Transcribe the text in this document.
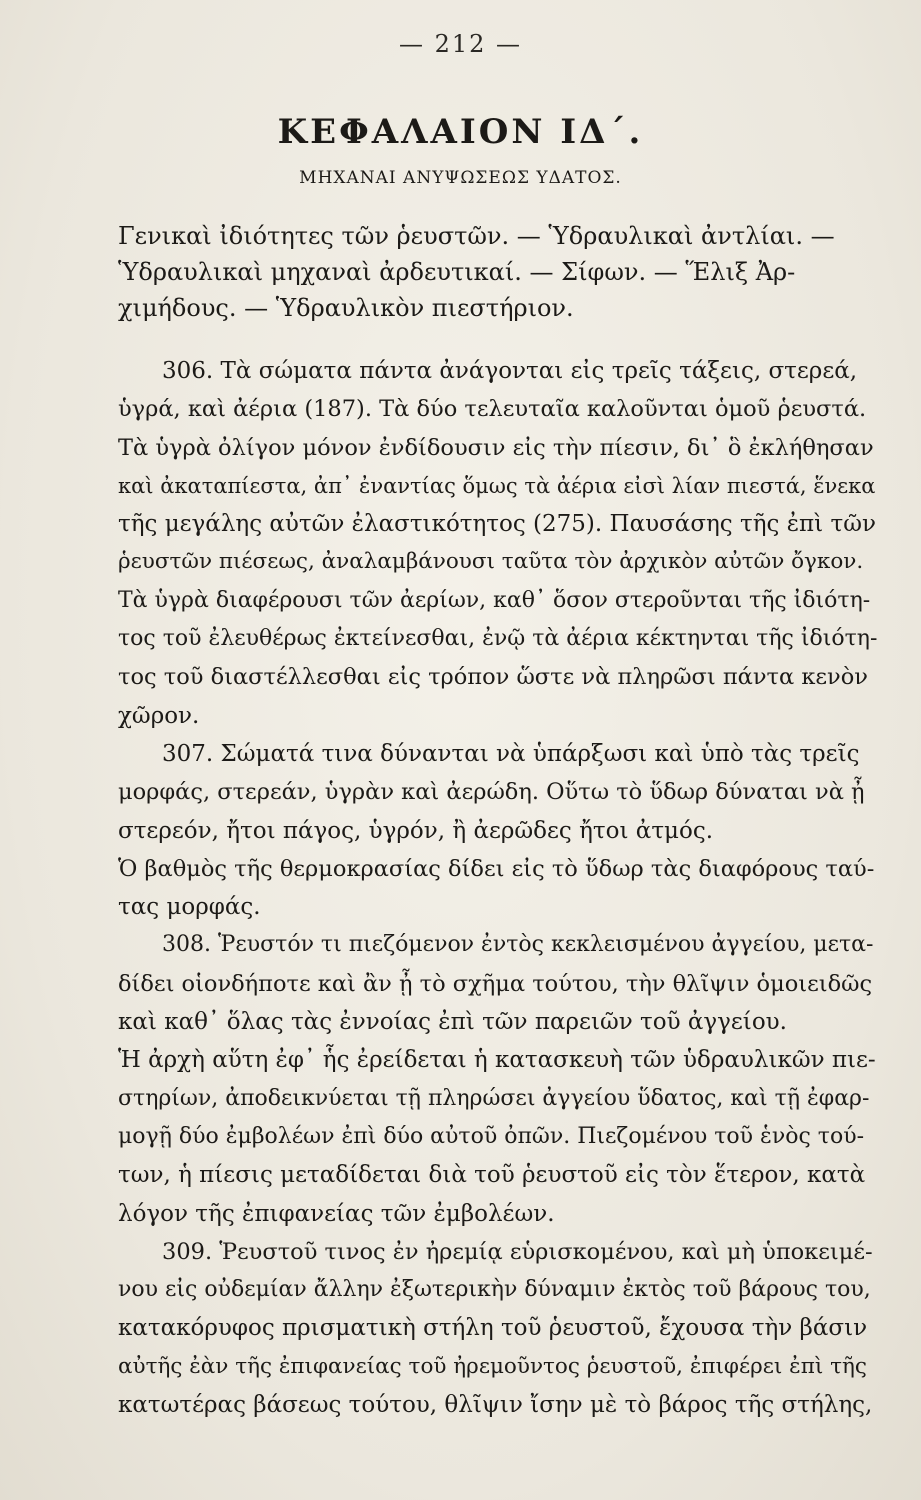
— 212 —
ΚΕΦΑΛΑΙΟΝ ΙΔ΄.
ΜΗΧΑΝΑΙ ΑΝΥΨΩΣΕΩΣ ΥΔΑΤΟΣ.
Γενικαὶ ἰδιότητες τῶν ῥευστῶν. — Ὑδραυλικαὶ ἀντλίαι. —
Ὑδραυλικαὶ μηχαναὶ ἀρδευτικαί. — Σίφων. — Ἕλιξ Ἀρ-
χιμήδους. — Ὑδραυλικὸν πιεστήριον.
306. Τὰ σώματα πάντα ἀνάγονται εἰς τρεῖς τάξεις, στερεά,
ὑγρά, καὶ ἀέρια (187). Τὰ δύο τελευταῖα καλοῦνται ὁμοῦ ῥευστά.
Τὰ ὑγρὰ ὀλίγον μόνον ἐνδίδουσιν εἰς τὴν πίεσιν, δι᾽ ὃ ἐκλήθησαν
καὶ ἀκαταπίεστα, ἀπ᾽ ἐναντίας ὅμως τὰ ἀέρια εἰσὶ λίαν πιεστά, ἕνεκα
τῆς μεγάλης αὐτῶν ἐλαστικότητος (275). Παυσάσης τῆς ἐπὶ τῶν
ῥευστῶν πιέσεως, ἀναλαμβάνουσι ταῦτα τὸν ἀρχικὸν αὐτῶν ὄγκον.
Τὰ ὑγρὰ διαφέρουσι τῶν ἀερίων, καθ᾽ ὅσον στεροῦνται τῆς ἰδιότη-
τος τοῦ ἐλευθέρως ἐκτείνεσθαι, ἐνῷ τὰ ἀέρια κέκτηνται τῆς ἰδιότη-
τος τοῦ διαστέλλεσθαι εἰς τρόπον ὥστε νὰ πληρῶσι πάντα κενὸν
χῶρον.
307. Σώματά τινα δύνανται νὰ ὑπάρξωσι καὶ ὑπὸ τὰς τρεῖς
μορφάς, στερεάν, ὑγρὰν καὶ ἀερώδη. Οὕτω τὸ ὕδωρ δύναται νὰ ᾖ
στερεόν, ἤτοι πάγος, ὑγρόν, ἢ ἀερῶδες ἤτοι ἀτμός.
Ὁ βαθμὸς τῆς θερμοκρασίας δίδει εἰς τὸ ὕδωρ τὰς διαφόρους ταύ-
τας μορφάς.
308. Ῥευστόν τι πιεζόμενον ἐντὸς κεκλεισμένου ἀγγείου, μετα-
δίδει οἱονδήποτε καὶ ἂν ᾖ τὸ σχῆμα τούτου, τὴν θλῖψιν ὁμοιειδῶς
καὶ καθ᾽ ὅλας τὰς ἐννοίας ἐπὶ τῶν παρειῶν τοῦ ἀγγείου.
Ἡ ἀρχὴ αὕτη ἐφ᾽ ἧς ἐρείδεται ἡ κατασκευὴ τῶν ὑδραυλικῶν πιε-
στηρίων, ἀποδεικνύεται τῇ πληρώσει ἀγγείου ὕδατος, καὶ τῇ ἐφαρ-
μογῇ δύο ἐμβολέων ἐπὶ δύο αὐτοῦ ὀπῶν. Πιεζομένου τοῦ ἑνὸς τού-
των, ἡ πίεσις μεταδίδεται διὰ τοῦ ῥευστοῦ εἰς τὸν ἕτερον, κατὰ
λόγον τῆς ἐπιφανείας τῶν ἐμβολέων.
309. Ῥευστοῦ τινος ἐν ἠρεμίᾳ εὑρισκομένου, καὶ μὴ ὑποκειμέ-
νου εἰς οὐδεμίαν ἄλλην ἐξωτερικὴν δύναμιν ἐκτὸς τοῦ βάρους του,
κατακόρυφος πρισματικὴ στήλη τοῦ ῥευστοῦ, ἔχουσα τὴν βάσιν
αὐτῆς ἐὰν τῆς ἐπιφανείας τοῦ ἠρεμοῦντος ῥευστοῦ, ἐπιφέρει ἐπὶ τῆς
κατωτέρας βάσεως τούτου, θλῖψιν ἴσην μὲ τὸ βάρος τῆς στήλης,
